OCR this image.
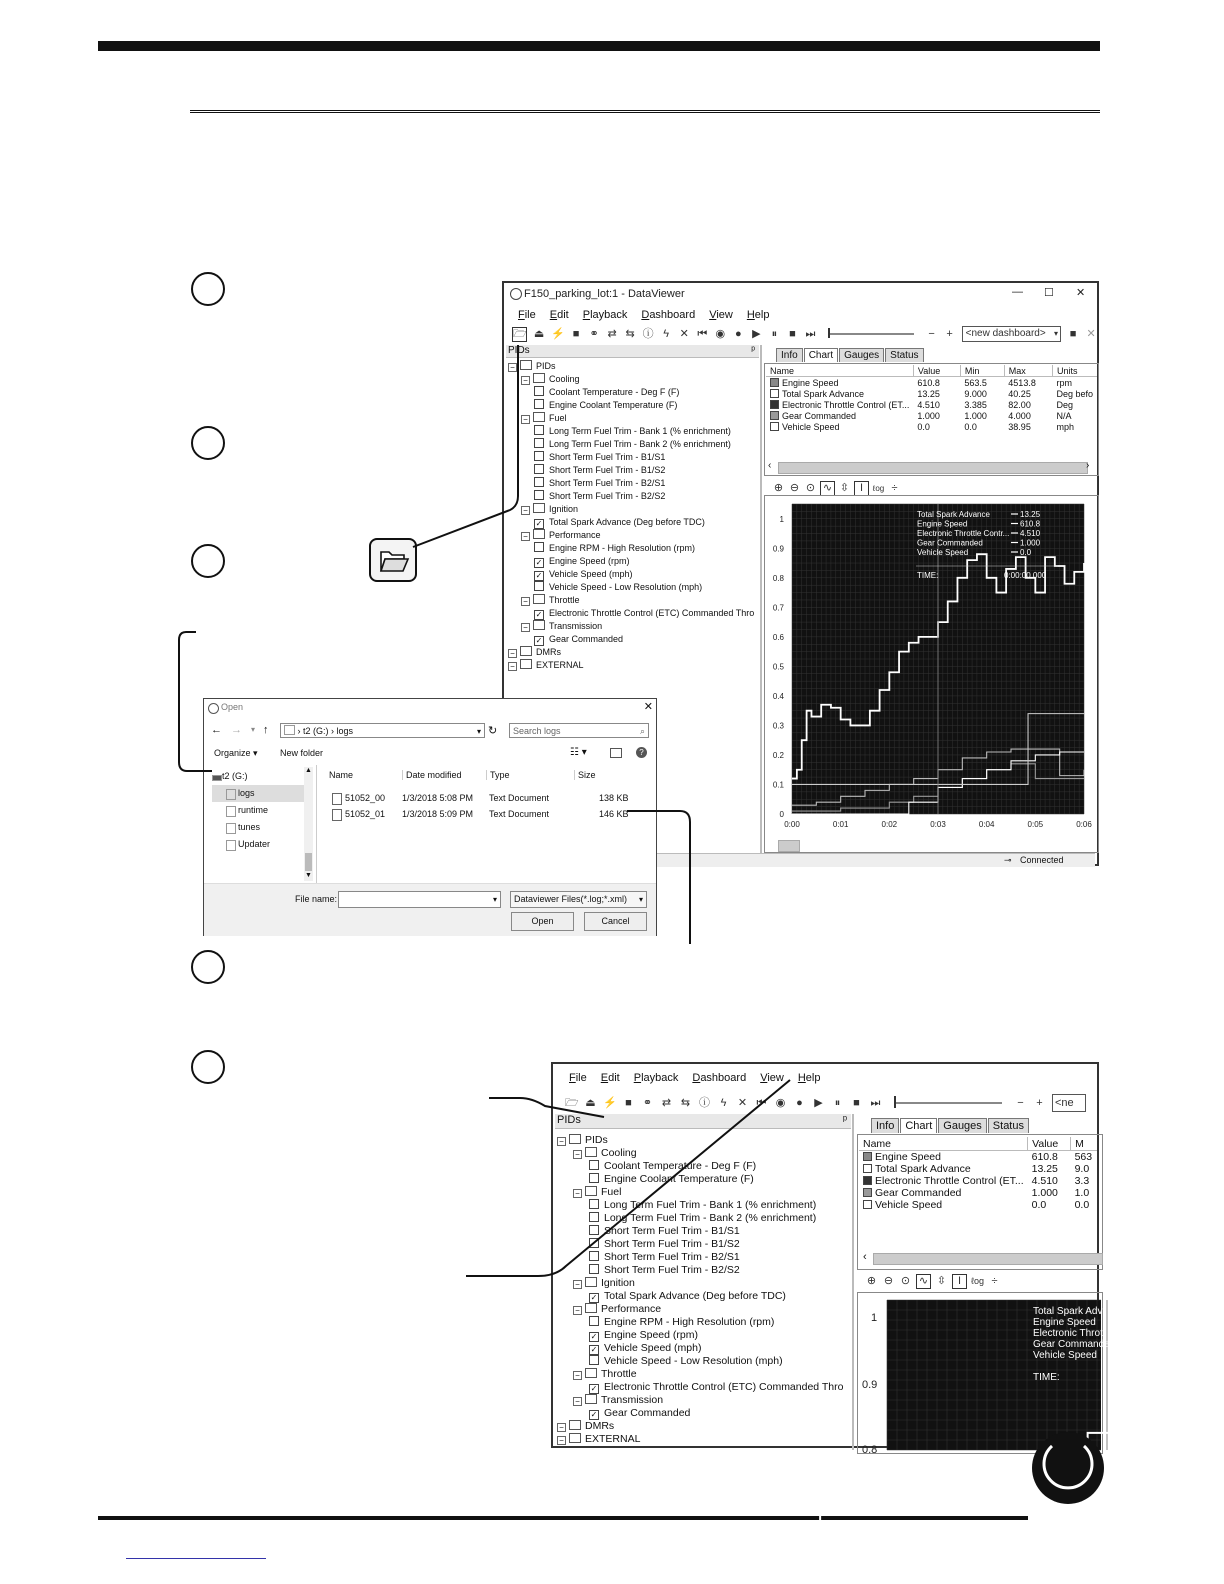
F150_parking_lot:1 - DataViewer	— ☐ ✕
File Edit Playback Dashboard View Help
🗁 ⏏ ⚡ ■ ⚭ ⇄ ⇆ ⓘ ϟ ✕ ⏮ ◉ ● ▶ ⏸ ■ ⏭	− +	<new dashboard> ▾ ■ ✕
PIDs	ᵖ
− PIDs
− Cooling
Coolant Temperature - Deg F (F)
Engine Coolant Temperature (F)
− Fuel
Long Term Fuel Trim - Bank 1 (% enrichment)
Long Term Fuel Trim - Bank 2 (% enrichment)
Short Term Fuel Trim - B1/S1
Short Term Fuel Trim - B1/S2
Short Term Fuel Trim - B2/S1
Short Term Fuel Trim - B2/S2
− Ignition
✓ Total Spark Advance (Deg before TDC)
− Performance
Engine RPM - High Resolution (rpm)
✓ Engine Speed (rpm)
✓ Vehicle Speed (mph)
Vehicle Speed - Low Resolution (mph)
− Throttle
✓ Electronic Throttle Control (ETC) Commanded Thro
− Transmission
✓ Gear Commanded
− DMRs
− EXTERNAL
Info	Chart	Gauges	Status
Name	Value	Min	Max	Units
Engine Speed	610.8	563.5	4513.8	rpm
Total Spark Advance	13.25	9.000	40.25	Deg befo
Electronic Throttle Control (ET...	4.510	3.385	82.00	Deg
Gear Commanded	1.000	1.000	4.000	N/A
Vehicle Speed	0.0	0.0	38.95	mph
‹	›
⊕ ⊖ ⊙ ∿ ⇳ I	ℓog ÷
1
0.9
0.8
0.7
0.6
0.5
0.4
0.3
0.2
0.1
0
0:00	0:01	0:02	0:03	0:04	0:05	0:06
Total Spark Advance	13.25
Engine Speed	610.8
Electronic Throttle Contr... 4.510
Gear Commanded	1.000
Vehicle Speed	0.0
TIME:	0:00:00.000
⊸ Connected
Open	✕
← → ▾ ↑	› t2 (G:) › logs	▾ ↻	Search logs	⌕
Organize ▾ New folder	☷ ▾	?
t2 (G:)
logs
runtime
tunes
Updater
▲
▼
Name	Date modified	Type	Size
51052_00 1/3/2018 5:08 PM Text Document	138 KB
51052_01 1/3/2018 5:09 PM Text Document	146 KB
File name:	▾	Dataviewer Files(*.log;*.xml) ▾
Open	Cancel
File Edit Playback Dashboard View Help
🗁 ⏏ ⚡ ■ ⚭ ⇄ ⇆ ⓘ ϟ	✕ ⏮ ◉ ● ▶	⏸	■ ⏭	− + <ne
PIDs	ᵖ
− PIDs
− Cooling
Coolant Temperature - Deg F (F)
Engine Coolant Temperature (F)
− Fuel
Long Term Fuel Trim - Bank 1 (% enrichment)
Long Term Fuel Trim - Bank 2 (% enrichment)
Short Term Fuel Trim - B1/S1
Short Term Fuel Trim - B1/S2
Short Term Fuel Trim - B2/S1
Short Term Fuel Trim - B2/S2
− Ignition
✓ Total Spark Advance (Deg before TDC)
− Performance
Engine RPM - High Resolution (rpm)
✓ Engine Speed (rpm)
✓ Vehicle Speed (mph)
Vehicle Speed - Low Resolution (mph)
− Throttle
✓ Electronic Throttle Control (ETC) Commanded Thro
− Transmission
✓ Gear Commanded
− DMRs
− EXTERNAL
Info	Chart	Gauges	Status
Name	Value	M
Engine Speed	610.8	563
Total Spark Advance	13.25	9.0
Electronic Throttle Control (ET...	4.510	3.3
Gear Commanded	1.000	1.0
Vehicle Speed	0.0	0.0
‹
⊕ ⊖ ⊙ ∿ ⇳	I	ℓog ÷
1
0.9
0.8
Total Spark Adv
Engine Speed
Electronic Thrott
Gear Commande
Vehicle Speed
TIME:
